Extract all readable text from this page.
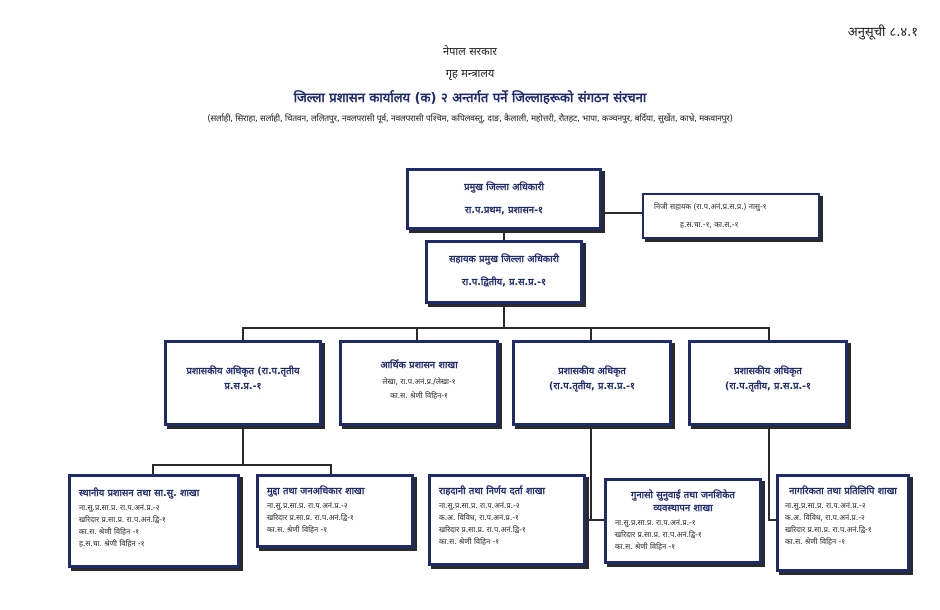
अनुसूची ८.४.१
नेपाल सरकार
गृह मन्त्रालय
जिल्ला प्रशासन कार्यालय (क) २ अन्तर्गत पर्ने जिल्लाहरूको संगठन संरचना
(सर्लाही, सिराहा, सर्लाही, चितवन, ललितपुर, नवलपरासी पूर्व, नवलपरासी पश्चिम, कपिलवस्तु, दाङ, कैलाली, महोत्तरी, रौतहट, भापा, कञ्चनपुर, बर्दिया, सुर्खेत, काभ्रे, मकवानपुर)
प्रमुख जिल्ला अधिकारी
रा.प.प्रथम, प्रशासन-१	निजी सहायक (रा.प.अनं.प्र.स.प्र.) नासु-१
ह.स.चा.-१, का.स.-१
सहायक प्रमुख जिल्ला अधिकारी
रा.प.द्वितीय, प्र.स.प्र.-१
प्रशासकीय अधिकृत (रा.प.तृतीय
प्र.स.प्र.-१
आर्थिक प्रशासन शाखा
लेखा, रा.प.अनं.प्र./लेखा-१
का.स. श्रेणी विहिन-१
प्रशासकीय अधिकृत
(रा.प.तृतीय, प्र.स.प्र.-१
प्रशासकीय अधिकृत
(रा.प.तृतीय, प्र.स.प्र.-१
स्थानीय प्रशासन तथा सा.सु. शाखा
ना.सु.प्र.सा.प्र. रा.प.अनं.प्र.-२
खरिदार प्र.सा.प्र. रा.प.अनं.द्वि-१
का.स. श्रेणी विहिन -१
ह.स.चा. श्रेणी विहिन -१
मुद्दा तथा जनअधिकार शाखा
ना.सु.प्र.सा.प्र. रा.प.अनं.प्र.-२
खरिदार प्र.सा.प्र. रा.प.अनं.द्वि-१
का.स. श्रेणी विहिन -१
राहदानी तथा निर्णय दर्ता शाखा
ना.सु.प्र.सा.प्र. रा.प.अनं.प्र.-२
क.अ. विविध, रा.प.अनं.प्र.-१
खरिदार प्र.सा.प्र. रा.प.अनं.द्वि-१
का.स. श्रेणी विहिन -१
गुनासो सुनुवाई तथा जनशिकेत व्यवस्थापन शाखा
ना.सु.प्र.सा.प्र. रा.प.अनं.प्र.-१
खरिदार प्र.सा.प्र. रा.प.अनं.द्वि-१
का.स. श्रेणी विहिन -१
नागरिकता तथा प्रतिलिपि शाखा
ना.सु.प्र.सा.प्र. रा.प.अनं.प्र.-२
क.अ. विविध, रा.प.अनं.प्र.-२
खरिदार प्र.सा.प्र. रा.प.अनं.द्वि-१
का.स. श्रेणी विहिन -१
